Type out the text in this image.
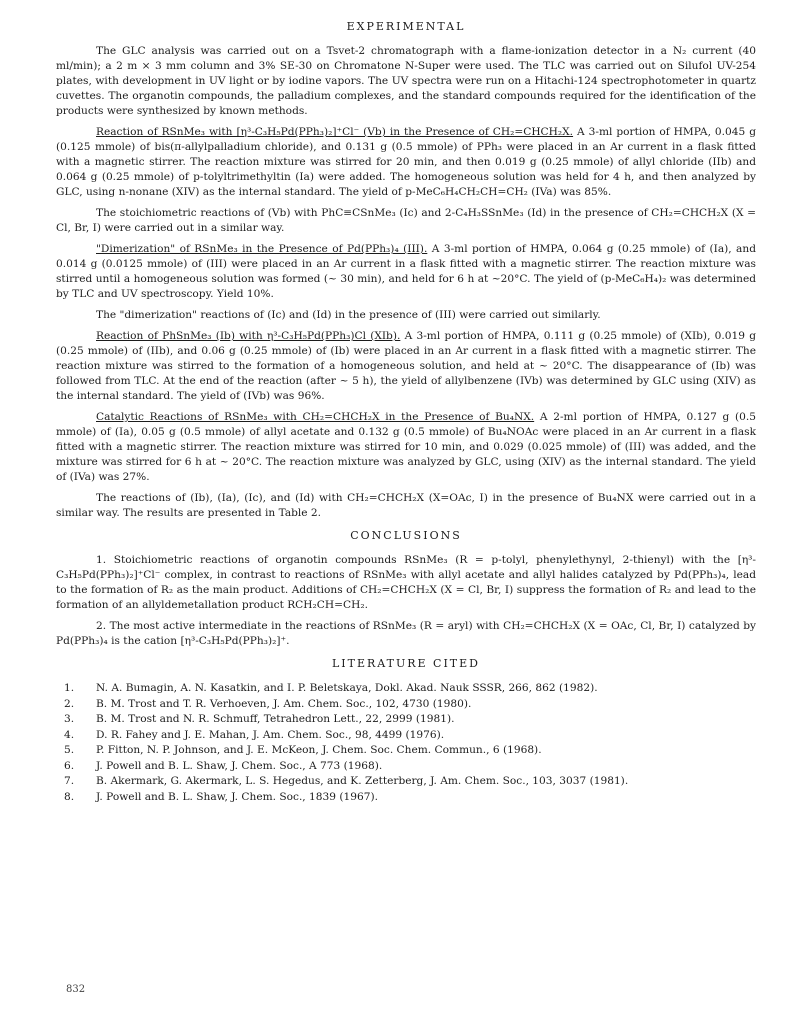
EXPERIMENTAL

The GLC analysis was carried out on a Tsvet-2 chromatograph with a flame-ionization detector in a N₂ current (40 ml/min); a 2 m × 3 mm column and 3% SE-30 on Chromatone N-Super were used. The TLC was carried out on Silufol UV-254 plates, with development in UV light or by iodine vapors. The UV spectra were run on a Hitachi-124 spectrophotometer in quartz cuvettes. The organotin compounds, the palladium complexes, and the standard compounds required for the identification of the products were synthesized by known methods.

Reaction of RSnMe₃ with [η³-C₃H₅Pd(PPh₃)₂]⁺Cl⁻ (Vb) in the Presence of CH₂=CHCH₂X. A 3-ml portion of HMPA, 0.045 g (0.125 mmole) of bis(π-allylpalladium chloride), and 0.131 g (0.5 mmole) of PPh₃ were placed in an Ar current in a flask fitted with a magnetic stirrer. The reaction mixture was stirred for 20 min, and then 0.019 g (0.25 mmole) of allyl chloride (IIb) and 0.064 g (0.25 mmole) of p-tolyltrimethyltin (Ia) were added. The homogeneous solution was held for 4 h, and then analyzed by GLC, using n-nonane (XIV) as the internal standard. The yield of p-MeC₆H₄CH₂CH=CH₂ (IVa) was 85%.

The stoichiometric reactions of (Vb) with PhC≡CSnMe₃ (Ic) and 2-C₄H₃SSnMe₃ (Id) in the presence of CH₂=CHCH₂X (X = Cl, Br, I) were carried out in a similar way.

"Dimerization" of RSnMe₃ in the Presence of Pd(PPh₃)₄ (III). A 3-ml portion of HMPA, 0.064 g (0.25 mmole) of (Ia), and 0.014 g (0.0125 mmole) of (III) were placed in an Ar current in a flask fitted with a magnetic stirrer. The reaction mixture was stirred until a homogeneous solution was formed (~ 30 min), and held for 6 h at ~20°C. The yield of (p-MeC₆H₄)₂ was determined by TLC and UV spectroscopy. Yield 10%.

The "dimerization" reactions of (Ic) and (Id) in the presence of (III) were carried out similarly.

Reaction of PhSnMe₃ (Ib) with η³-C₃H₅Pd(PPh₃)Cl (XIb). A 3-ml portion of HMPA, 0.111 g (0.25 mmole) of (XIb), 0.019 g (0.25 mmole) of (IIb), and 0.06 g (0.25 mmole) of (Ib) were placed in an Ar current in a flask fitted with a magnetic stirrer. The reaction mixture was stirred to the formation of a homogeneous solution, and held at ~ 20°C. The disappearance of (Ib) was followed from TLC. At the end of the reaction (after ~ 5 h), the yield of allylbenzene (IVb) was determined by GLC using (XIV) as the internal standard. The yield of (IVb) was 96%.

Catalytic Reactions of RSnMe₃ with CH₂=CHCH₂X in the Presence of Bu₄NX. A 2-ml portion of HMPA, 0.127 g (0.5 mmole) of (Ia), 0.05 g (0.5 mmole) of allyl acetate and 0.132 g (0.5 mmole) of Bu₄NOAc were placed in an Ar current in a flask fitted with a magnetic stirrer. The reaction mixture was stirred for 10 min, and 0.029 (0.025 mmole) of (III) was added, and the mixture was stirred for 6 h at ~ 20°C. The reaction mixture was analyzed by GLC, using (XIV) as the internal standard. The yield of (IVa) was 27%.

The reactions of (Ib), (Ia), (Ic), and (Id) with CH₂=CHCH₂X (X=OAc, I) in the presence of Bu₄NX were carried out in a similar way. The results are presented in Table 2.

CONCLUSIONS

1. Stoichiometric reactions of organotin compounds RSnMe₃ (R = p-tolyl, phenylethynyl, 2-thienyl) with the [η³-C₃H₅Pd(PPh₃)₂]⁺Cl⁻ complex, in contrast to reactions of RSnMe₃ with allyl acetate and allyl halides catalyzed by Pd(PPh₃)₄, lead to the formation of R₂ as the main product. Additions of CH₂=CHCH₂X (X = Cl, Br, I) suppress the formation of R₂ and lead to the formation of an allyldemetallation product RCH₂CH=CH₂.

2. The most active intermediate in the reactions of RSnMe₃ (R = aryl) with CH₂=CHCH₂X (X = OAc, Cl, Br, I) catalyzed by Pd(PPh₃)₄ is the cation [η³-C₃H₅Pd(PPh₃)₂]⁺.

LITERATURE CITED
1. N. A. Bumagin, A. N. Kasatkin, and I. P. Beletskaya, Dokl. Akad. Nauk SSSR, 266, 862 (1982).
2. B. M. Trost and T. R. Verhoeven, J. Am. Chem. Soc., 102, 4730 (1980).
3. B. M. Trost and N. R. Schmuff, Tetrahedron Lett., 22, 2999 (1981).
4. D. R. Fahey and J. E. Mahan, J. Am. Chem. Soc., 98, 4499 (1976).
5. P. Fitton, N. P. Johnson, and J. E. McKeon, J. Chem. Soc. Chem. Commun., 6 (1968).
6. J. Powell and B. L. Shaw, J. Chem. Soc., A 773 (1968).
7. B. Akermark, G. Akermark, L. S. Hegedus, and K. Zetterberg, J. Am. Chem. Soc., 103, 3037 (1981).
8. J. Powell and B. L. Shaw, J. Chem. Soc., 1839 (1967).
832
